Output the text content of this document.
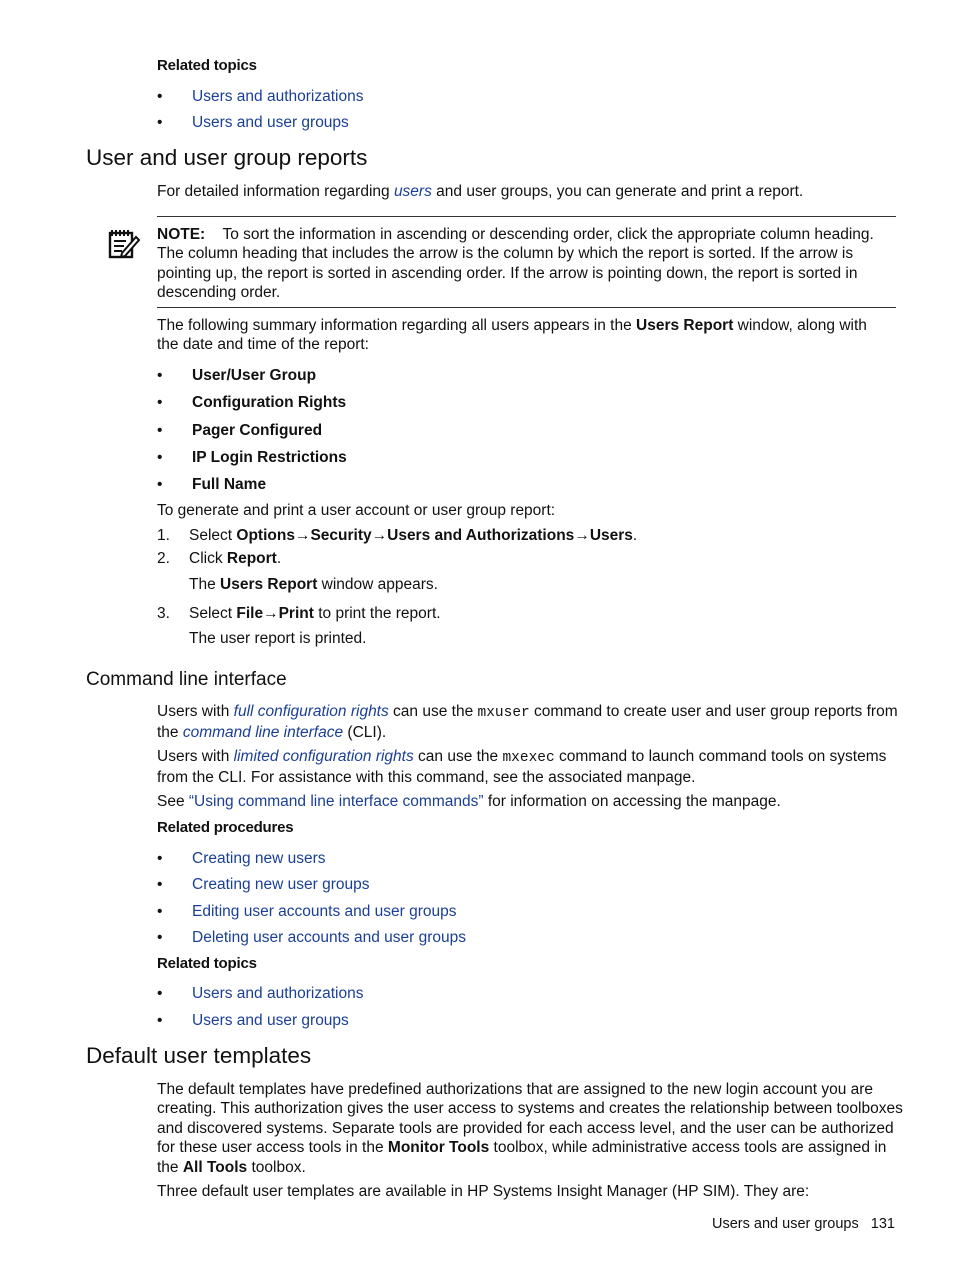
Related topics
• Users and authorizations
• Users and user groups
User and user group reports

For detailed information regarding users and user groups, you can generate and print a report.

NOTE: To sort the information in ascending or descending order, click the appropriate column heading.
The column heading that includes the arrow is the column by which the report is sorted. If the arrow is
pointing up, the report is sorted in ascending order. If the arrow is pointing down, the report is sorted in
descending order.

The following summary information regarding all users appears in the Users Report window, along with
the date and time of the report:

• User/User Group
• Configuration Rights
• Pager Configured
• IP Login Restrictions
• Full Name

To generate and print a user account or user group report:

1. Select Options→Security→Users and Authorizations→Users.
2. Click Report.
The Users Report window appears.
3. Select File→Print to print the report.
The user report is printed.
Command line interface

Users with full configuration rights can use the mxuser command to create user and user group reports from
the command line interface (CLI).

Users with limited configuration rights can use the mxexec command to launch command tools on systems
from the CLI. For assistance with this command, see the associated manpage.

See “Using command line interface commands” for information on accessing the manpage.

Related procedures
• Creating new users
• Creating new user groups
• Editing user accounts and user groups
• Deleting user accounts and user groups
Related topics
• Users and authorizations
• Users and user groups
Default user templates

The default templates have predefined authorizations that are assigned to the new login account you are
creating. This authorization gives the user access to systems and creates the relationship between toolboxes
and discovered systems. Separate tools are provided for each access level, and the user can be authorized
for these user access tools in the Monitor Tools toolbox, while administrative access tools are assigned in
the All Tools toolbox.

Three default user templates are available in HP Systems Insight Manager (HP SIM). They are:

Users and user groups 131
